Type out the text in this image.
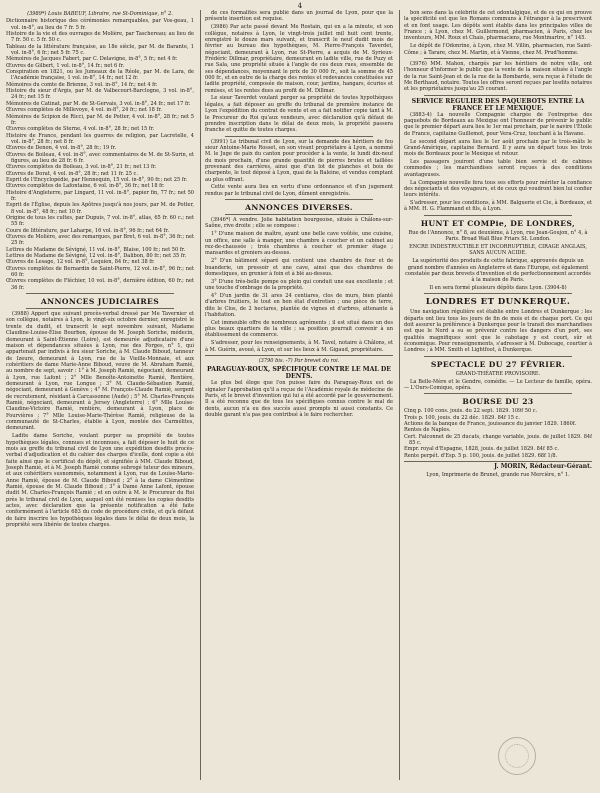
4

(3989*) Louis BABEUF, Libraire, rue St-Dominique, n° 2.

Dictionnaire historique des cérémonies remarquables, par Vos-geau, 1 vol. in-8°, au lieu de 7 fr. 5 fr.

Histoire de la vie et des ouvrages de Molière, par Taschereau; au lieu de 7 fr. 50 c. 5 fr. 50 c.

Tableau de la littérature française, au 18e siècle, par M. de Barante, 1 vol. in-8°, 6 fr.; net 5 fr. 75 c.

Mémoires de Jacques Fabert, par C. Delavigne, in-8°, 5 fr.; net 4 fr.

Œuvres de Gilbert, 1 vol. in-8°, 14 fr.; net 6 fr.

Conspiration en 1821, ou les Jumeaux de la Réole, par M. de Lara, de l'Académie française, 1 vol. in-8°, 14 fr.; net 12 fr.

Mémoires du comte de Brienne, 3 vol. in-8°, 14 fr.; net 4 fr.

Histoire du sieur d'Argis, par M. de Valbecourt-Barclogne, 3 vol. in-8°, 24 fr.; net 15 fr.

Mémoires de Catinat, par M. de St-Gervais, 3 vol. in-8°, 24 fr.; net 17 fr.

Œuvres complètes de Millevoye, 4 vol. in-8°, 24 fr.; net 18 fr.

Mémoires de Scipion de Ricci, par M. de Potter, 4 vol. in-8°, 28 fr.; net 5 fr.

Œuvres complètes de Sterne, 4 vol. in-8°, 28 fr.; net 15 fr.

Histoire de France, pendant les guerres de religion, par Lacretelle, 4 vol. in-8°, 28 fr.; net 8 fr.

Œuvres de Denon, 4 vol. in-8°, 28 fr.; 19 fr.

Œuvres de Boileau, 4 vol. in-8°, avec commentaires de M. de St-Surin, et figures, au lieu de 28 fr. 6 fr.

Œuvres complètes de Boileau, 3 vol. in-8°, 21 fr.; net 13 fr.

Œuvres de Dorat, 4 vol. in-8°, 28 fr.; net 11 fr. 25 c.

Esprit de l'Encyclopédie, par Hennequin, 15 vol. in-8°, 90 fr.; net 25 fr.

Œuvres complètes de Lafontaine, 6 vol. in-8°, 36 fr.; net 18 fr.

Histoire d'Angleterre, par Lingard, 11 vol. in-8°, papier fin, 77 fr.; net 50 fr.

Esprit de l'Église, depuis les Apôtres jusqu'à nos jours, par M. de Potter, 8 vol. in-8°, 48 fr.; net 10 fr.

Origine de tous les cultes, par Dupuis, 7 vol. in-8°, atlas, 65 fr. 60 c.; net 55 fr.

Cours de littérature, par Laharpe, 16 vol. in-8°, 96 fr.; net 64 fr.

Œuvres de Molière, avec des remarques, par Bret, 6 vol. in-8°, 36 fr.; net 25 fr.

Lettres de Madame de Sévigné, 11 vol. in-8°, Blaise, 100 fr.; net 50 fr.

Lettres de Madame de Sévigné, 12 vol. in-8°, Dalibon, 80 fr.; net 35 fr.

Œuvres de Lesage, 12 vol. in-8°, Lequien, 84 fr.; net 38 fr.

Œuvres complètes de Bernardin de Saint-Pierre, 12 vol. in-8°, 96 fr.; net 60 fr.

Œuvres complètes de Fléchier, 10 vol. in-8°, dernière édition, 60 fr.; net 36 fr.

ANNONCES JUDICIAIRES

(3988) Appert que suivant procès-verbal dressé par Me Tavernier et son collègue, notaires à Lyon, le vingt-six octobre dernier, enregistré le trente du dudit, et transcrit le sept novembre suivant, Madame Claudine-Louise-Élise Bourbon, épouse de M. Joseph Soriche, médecin, demeurant à Saint-Étienne (Loire), est demeurée adjudicataire d'une maison et dépendances situées à Lyon, rue des Forges, n° 1, qui appartenait par indivis à feu sieur Soriche, à M. Claude Biboud, tanneur de Izeure, demeurant à Lyon, rue de la Vieille-Monnaie, et aux cohéritiers de dame Marie-Anne Biboud, veuve de M. Abraham Ramié, au nombre de sept, savoir : 1° à M. Joseph Ramié, négociant, demeurant à Lyon, rue Lafont ; 2° Mlle Benoîte-Antoinette Ramié, Rentière, demeurant à Lyon, rue Longue ; 3° M. Claude-Sébastien Ramié, négociant, demeurant à Genève ; 4° M. François-Claude Ramié, sergent de recrutement, résidant à Carcassonne (Aude) ; 5° M. Charles-François Ramié, négociant, demeurant à Jersey (Angleterre) ; 6° Mlle Louise-Claudine-Victoire Ramié, rentière, demeurant à Lyon, place de Fourvières ; 7° Mlle Louise-Marie-Thérèse Ramié, religieuse de la communauté de St-Charles, établie à Lyon, montée des Carmélites, demeurant.

Ladite dame Soriche, voulant purger sa propriété de toutes hypothèques légales, connues et inconnues, a fait déposer le huit de ce mois au greffe du tribunal civil de Lyon une expédition desdits procès-verbal d'adjudication et du cahier des charges d'icelle, dont copie a été faite ainsi que le certificat du dépôt, et signifiée à MM. Claude Biboud, Joseph Ramié, et à M. Joseph Ramié comme subrogé tuteur des mineurs, et aux cohéritiers susnommés, notamment à Lyon, rue de Louise-Marie-Anne Ramié, épouse de M. Claude Biboud ; 2° à la dame Clémentine Ramié, épouse de M. Claude Biboud ; 3° à Dame Anne Lafont, épouse dudit M. Charles-François Ramié ; et en outre à M. le Procureur du Roi près le tribunal civil de Lyon, auquel ont été remises les copies desdits actes, avec déclaration que la présente notification a été faite conformément à l'article 683 du code de procédure civile, et qu'à défaut de faire inscrire les hypothèques légales dans le délai de deux mois, la propriété sera libérée de toutes charges.

de ces formalités sera publié dans un journal de Lyon, pour que la présente insertion est requise.

(3986) Par acte passé devant Me Rostain, qui en a la minute, et son collègue, notaires à Lyon, le vingt-trois juillet mil huit cent trente, enregistré le douze mars suivant, et transcrit le neuf dudit mois de février au bureau des hypothèques, M. Pierre-François Taverdet, négociant, demeurant à Lyon, rue St-Pierre, a acquis de M. Syrieux-Frédéric Dillmar, propriétaire, demeurant en ladite ville, rue de Puzy et rue Sala, une propriété située à l'angle de ces deux rues, ensemble de ses dépendances, moyennant le prix de 30 000 fr., soit la somme de 45 000 fr., et en outre de la charge des rentes et redevances constituées sur ladite propriété, composée de maison, cour, jardins, hangars, écuries et remises, et les rentes dues au profit de M. Dillmar.

Le sieur Taverdet voulant purger sa propriété de toutes hypothèques légales, a fait déposer au greffe du tribunal de première instance de Lyon l'expédition du contrat de vente et en a fait notifier copie tant à M. le Procureur du Roi qu'aux vendeurs, avec déclaration qu'à défaut de prendre inscription dans le délai de deux mois, la propriété passera franche et quitte de toutes charges.

(3991) Le tribunal civil de Lyon, sur la demande des héritiers de feu sieur Antoine-Marie Rosset, en son vivant propriétaire à Lyon, a nommé M. le Juge de paix du canton pour procéder à la vente, le lundi dix-neuf du mois prochain, d'une grande quantité de pierres brutes et taillées provenant des carrières, ainsi que d'un lot de planches et bois de charpente, le tout déposé à Lyon, quai de la Baleine, et vendus comptant au plus offrant.

Cette vente aura lieu en vertu d'une ordonnance et d'un jugement rendus par le tribunal civil de Lyon, dûment enregistrés.

ANNONCES DIVERSES.

(3946*) A vendre. Jolie habitation bourgeoise, située à Châlons-sur-Saône, rive droite ; elle se compose :

1° D'une maison de maître, ayant une belle cave voûtée, une cuisine, un office, une salle à manger, une chambre à coucher et un cabinet au rez-de-chaussée ; trois chambres à coucher et premier étage ; mansardes et greniers au-dessus.

2° D'un bâtiment séparé qui contient une chambre de four et de buanderie, un pressoir et une cave, ainsi que des chambres de domestiques, un grenier à foin et à blé au-dessus.

3° D'une très-belle pompe ou plein qui conduit une eau excellente ; et une touche d'ombrage de la propriété.

4° D'un jardin de 31 ares 24 centiares, clos de murs, bien planté d'arbres fruitiers, le tout en bon état d'entretien ; une pièce de terre, dite le Clos, de 2 hectares, plantée de vignes et d'arbres, attenante à l'habitation.

Cet immeuble offre de nombreux agréments ; il est situé dans un des plus beaux quartiers de la ville ; sa position pourrait convenir à un établissement de commerce.

S'adresser, pour les renseignements, à M. Tavel, notaire à Châlons, et à M. Guérin, avoué, à Lyon, et sur les lieux à M. Gigaud, propriétaire.

(3790 bis. -7) Par brevet du roi.

PARAGUAY-ROUX, SPÉCIFIQUE CONTRE LE MAL DE DENTS.

Le plus bel éloge que l'on puisse faire du Paraguay-Roux est de signaler l'approbation qu'il a reçue de l'Académie royale de médecine de Paris, et le brevet d'invention qui lui a été accordé par le gouvernement. Il a été reconnu que de tous les spécifiques connus contre le mal de dents, aucun n'a eu des succès aussi prompts ni aussi constants. Ce double garant n'a pas peu contribué à le faire rechercher.

bon sens dans la célébrité de cet odontalgique, et de ce qui en prouve la spécificité est que les Romans communs à l'étranger à la prescrivent et en font usage. Les dépôts sont établis dans les principales villes de France ; à Lyon, chez M. Guillermond, pharmacien, à Paris, chez les inventeurs, MM. Roux et Chais, pharmaciens, rue Montmartre, n° 145.

Le dépôt de l'Odonrine, à Lyon, chez M. Villin, pharmacien, rue Saint-Côme ; à Tarare, chez M. Martin, et à Vienne, chez M. Prud'homme.

(3976) MM. Mahon, chargés par les héritiers de notre ville, ont l'honneur d'informer le public que la vente de la maison située à l'angle de la rue Saint-Jean et de la rue de la Bombarde, sera reçue à l'étude de Me Berthaud, notaire. Toutes les offres seront reçues par lesdits notaires et les propriétaires jusqu'au 25 courant.

SERVICE REGULIER DES PAQUEBOTS ENTRE LA FRANCE ET LE MEXIQUE.

(3883-4) La nouvelle Compagnie chargée de l'entreprise des paquebots de Bordeaux au Mexique ont l'honneur de prévenir le public que le premier départ aura lieu le 1er mai prochain, par le navire l'Étoile de France, capitaine Guillemot, pour Vera-Cruz, touchant à la Havane.

Le second départ aura lieu le 1er août prochain par le trois-mâts le Grand-Amérique, capitaine Bernard. Il y aura un départ tous les trois mois de Bordeaux pour le Mexique et retour.

Les passagers jouiront d'une table bien servie et de cabines commodes ; les marchandises seront reçues à des conditions avantageuses.

La Compagnie nouvelle fera tous ses efforts pour mériter la confiance des négociants et des voyageurs, et de ceux qui voudront bien lui confier leurs intérêts.

S'adresser, pour les conditions, à MM. Balguerie et Cie, à Bordeaux, et à MM. H. G. Flammand et fils, à Lyon.

HUNT ET COMPie, DE LONDRES,

Rue de l'Annonce, n° 8, au deuxième, à Lyon, rue Jean-Goujon, n° 4, à Paris. Broad Wall Blue Friars St. London.

ENCRE INDESTRUCTIBLE ET INCORRUPTIBLE, CIRAGE ANGLAIS, SANS AUCUN ACIDE.

La supériorité des produits de cette fabrique, approuvés depuis un grand nombre d'années en Angleterre et dans l'Europe, est également constatée par deux brevets d'invention et de perfectionnement accordés à la maison de Paris.

Il en sera formé plusieurs dépôts dans Lyon. (3904-8)

LONDRES ET DUNKERQUE.

Une navigation régulière est établie entre Londres et Dunkerque ; les départs ont lieu tous les jours de fin de mois et de chaque port. Ce qui doit assurer la préférence à Dunkerque pour le transit des marchandises est que le Nord a su se prévenir contre les dangers d'un port, ses qualités magnifiques sont que le cabotage y est court, sûr et économique. Pour renseignements, s'adresser à M. Dubocage, courtier à Londres ; à MM. Smith et Lightfoot, à Dunkerque.

SPECTACLE DU 27 FÉVRIER.

GRAND-THÉATRE PROVISOIRE.

La Belle-Mère et le Gendre, comédie. — Le Lecteur de famille, opéra. — L'Ours-Comique, opéra.

BOURSE DU 23

Cinq p. 100 cons. jouis. du 22 sept. 1829. 109f 50 c.

Trois p. 100, jouis. du 22 déc. 1829. 84f 15 c.

Actions de la banque de France, jouissance du janvier 1829. 1860f.

Rentes de Naples.

Cert. Falconnet de 25 ducats, change variable, jouis. de juillet 1829. 84f 85 c.

Empr. royal d'Espagne, 1828, jouis. de juillet 1829. 84f 85 c.

Rente perpét. d'Esp. 5 p. 100, jouis. de juillet 1829. 68f 1/8.

J. MORIN, Rédacteur-Gérant.

Lyon, Imprimerie de Brunet, grande rue Mercière, n° 1.
